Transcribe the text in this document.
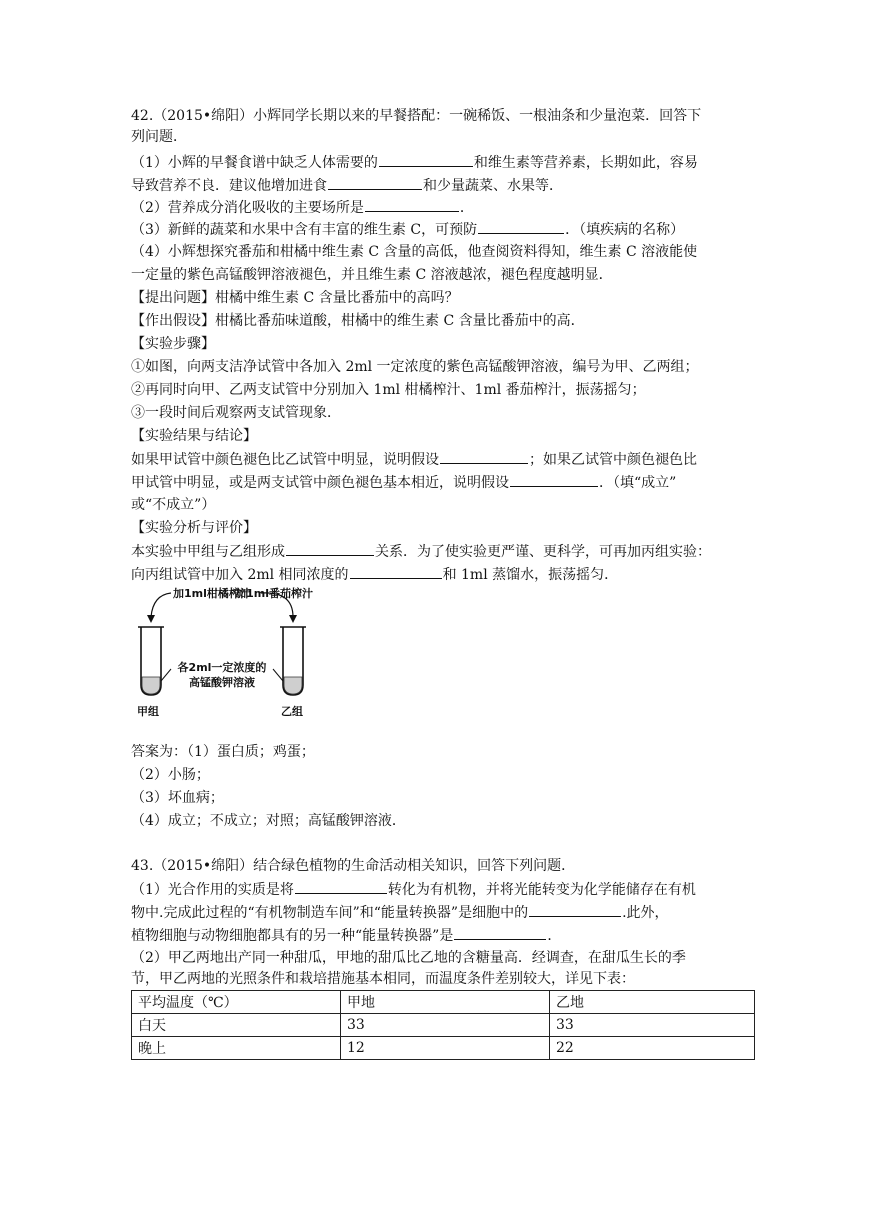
42.（2015•绵阳）小辉同学长期以来的早餐搭配：一碗稀饭、一根油条和少量泡菜．回答下
列问题．
（1）小辉的早餐食谱中缺乏人体需要的	和维生素等营养素，长期如此，容易
导致营养不良．建议他增加进食	和少量蔬菜、水果等．
（2）营养成分消化吸收的主要场所是	．
（3）新鲜的蔬菜和水果中含有丰富的维生素 C，可预防	．（填疾病的名称）
（4）小辉想探究番茄和柑橘中维生素 C 含量的高低，他查阅资料得知，维生素 C 溶液能使
一定量的紫色高锰酸钾溶液褪色，并且维生素 C 溶液越浓，褪色程度越明显．
【提出问题】柑橘中维生素 C 含量比番茄中的高吗？
【作出假设】柑橘比番茄味道酸，柑橘中的维生素 C 含量比番茄中的高．
【实验步骤】
①如图，向两支洁净试管中各加入 2ml 一定浓度的紫色高锰酸钾溶液，编号为甲、乙两组；
②再同时向甲、乙两支试管中分别加入 1ml 柑橘榨汁、1ml 番茄榨汁，振荡摇匀；
③一段时间后观察两支试管现象．
【实验结果与结论】
如果甲试管中颜色褪色比乙试管中明显，说明假设	；如果乙试管中颜色褪色比
甲试管中明显，或是两支试管中颜色褪色基本相近，说明假设	．（填“成立”
或“不成立”）
【实验分析与评价】
本实验中甲组与乙组形成	关系．为了使实验更严谨、更科学，可再加丙组实验：
向丙组试管中加入 2ml 相同浓度的	和 1ml 蒸馏水，振荡摇匀．
加1ml柑橘榨汁
加1ml番茄榨汁
各2ml一定浓度的
高锰酸钾溶液
甲组	乙组
答案为：（1）蛋白质；鸡蛋；
（2）小肠；
（3）坏血病；
（4）成立；不成立；对照；高锰酸钾溶液．
43.（2015•绵阳）结合绿色植物的生命活动相关知识，回答下列问题．
（1）光合作用的实质是将	转化为有机物，并将光能转变为化学能储存在有机
物中.完成此过程的“有机物制造车间”和“能量转换器”是细胞中的	.此外，
植物细胞与动物细胞都具有的另一种“能量转换器”是	．
（2）甲乙两地出产同一种甜瓜，甲地的甜瓜比乙地的含糖量高．经调查，在甜瓜生长的季
节，甲乙两地的光照条件和栽培措施基本相同，而温度条件差别较大，详见下表：
平均温度（℃）	甲地	乙地
白天	33	33
晚上	12	22
